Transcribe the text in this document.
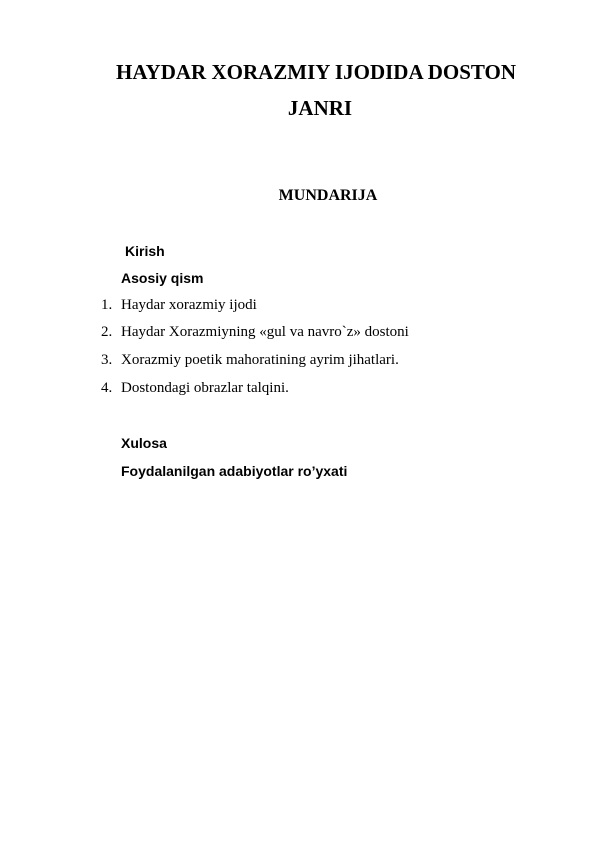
HAYDAR XORAZMIY IJODIDA DOSTON
JANRI
MUNDARIJA
Kirish
Asosiy qism
1. Haydar xorazmiy ijodi
2. Haydar Xorazmiyning «gul va navro`z» dostoni
3. Xorazmiy poetik mahoratining ayrim jihatlari.
4. Dostondagi obrazlar talqini.
Xulosa
Foydalanilgan adabiyotlar ro’yxati
